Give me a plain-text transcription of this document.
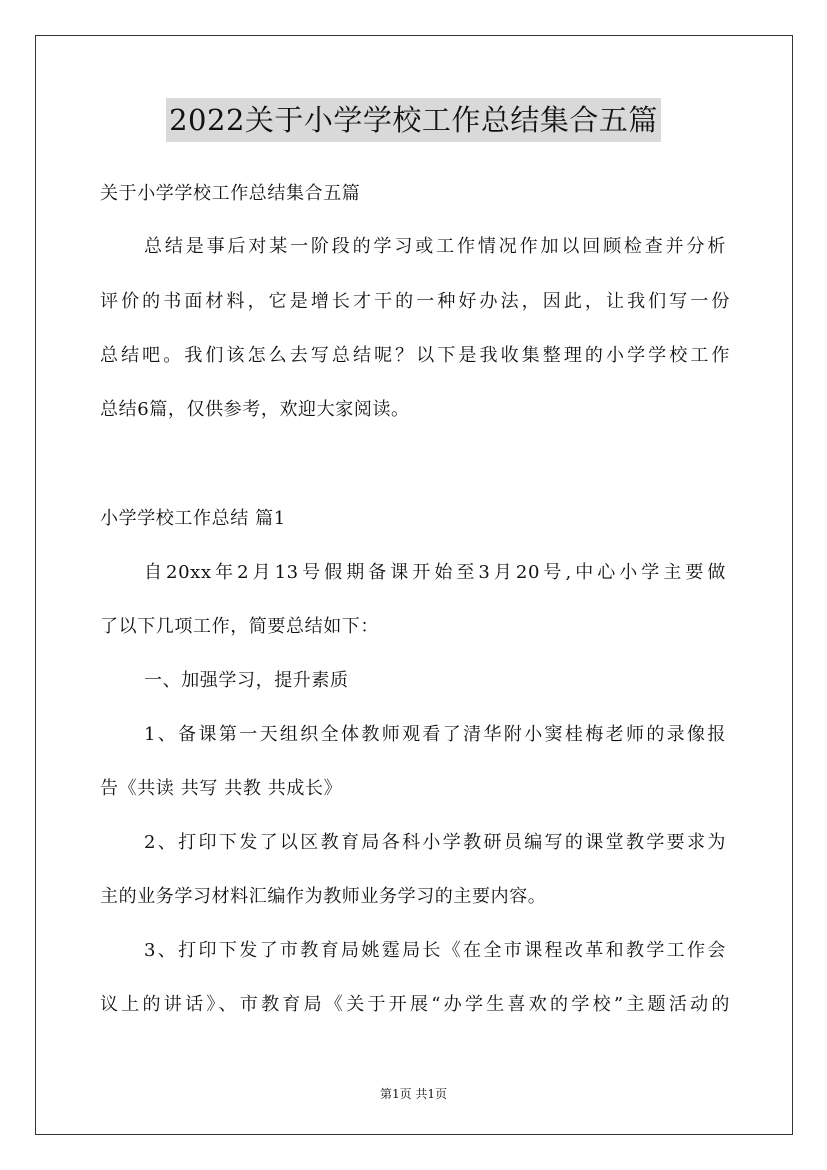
2022关于小学学校工作总结集合五篇
关于小学学校工作总结集合五篇
总结是事后对某一阶段的学习或工作情况作加以回顾检查并分析
评价的书面材料，它是增长才干的一种好办法，因此，让我们写一份
总结吧。我们该怎么去写总结呢？以下是我收集整理的小学学校工作
总结6篇，仅供参考，欢迎大家阅读。
小学学校工作总结 篇1
自20xx年2月13号假期备课开始至3月20号,中心小学主要做
了以下几项工作，简要总结如下：
一、加强学习，提升素质
1、备课第一天组织全体教师观看了清华附小窦桂梅老师的录像报
告《共读 共写 共教 共成长》
2、打印下发了以区教育局各科小学教研员编写的课堂教学要求为
主的业务学习材料汇编作为教师业务学习的主要内容。
3、打印下发了市教育局姚霆局长《在全市课程改革和教学工作会
议上的讲话》、市教育局《关于开展“办学生喜欢的学校”主题活动的
第1页 共1页
